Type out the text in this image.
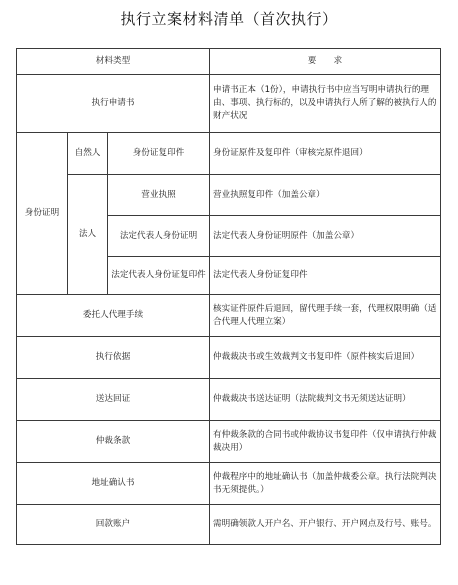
执行立案材料清单（首次执行）
材料类型			要　　求
执行申请书			申请书正本（1份），申请执行书中应当写明申请执行的理由、事项、执行标的，以及申请执行人所了解的被执行人的财产状况
身份证明	自然人	身份证复印件	身份证原件及复印件（审核完原件退回）
	法人	营业执照	营业执照复印件（加盖公章）
		法定代表人身份证明	法定代表人身份证明原件（加盖公章）
		法定代表人身份证复印件	法定代表人身份证复印件
委托人代理手续			核实证件原件后退回，留代理手续一套，代理权限明确（适合代理人代理立案）
执行依据			仲裁裁决书或生效裁判文书复印件（原件核实后退回）
送达回证			仲裁裁决书送达证明（法院裁判文书无须送达证明）
仲裁条款			有仲裁条款的合同书或仲裁协议书复印件（仅申请执行仲裁裁决用）
地址确认书			仲裁程序中的地址确认书（加盖仲裁委公章。执行法院判决书无须提供。）
回款账户			需明确领款人开户名、开户银行、开户网点及行号、账号。
